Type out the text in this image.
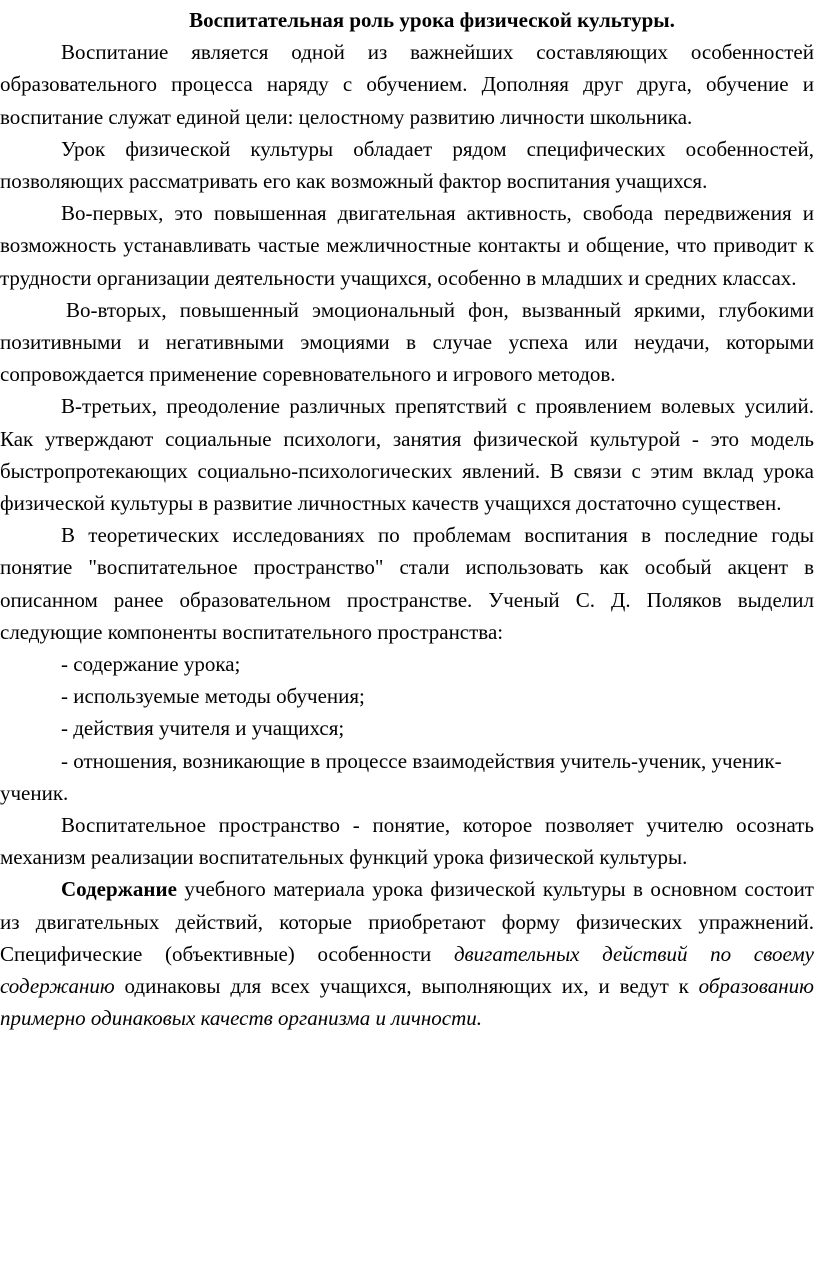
Воспитательная роль урока физической культуры.

Воспитание является одной из важнейших составляющих особенностей образовательного процесса наряду с обучением. Дополняя друг друга, обучение и воспитание служат единой цели: целостному развитию личности школьника.

Урок физической культуры обладает рядом специфических особенностей, позволяющих рассматривать его как возможный фактор воспитания учащихся.

Во-первых, это повышенная двигательная активность, свобода передвижения и возможность устанавливать частые межличностные контакты и общение, что приводит к трудности организации деятельности учащихся, особенно в младших и средних классах.

Во-вторых, повышенный эмоциональный фон, вызванный яркими, глубокими позитивными и негативными эмоциями в случае успеха или неудачи, которыми сопровождается применение соревновательного и игрового методов.

В-третьих, преодоление различных препятствий с проявлением волевых усилий. Как утверждают социальные психологи, занятия физической культурой - это модель быстропротекающих социально-психологических явлений. В связи с этим вклад урока физической культуры в развитие личностных качеств учащихся достаточно существен.

В теоретических исследованиях по проблемам воспитания в последние годы понятие "воспитательное пространство" стали использовать как особый акцент в описанном ранее образовательном пространстве. Ученый С. Д. Поляков выделил следующие компоненты воспитательного пространства:

- содержание урока;

- используемые методы обучения;

- действия учителя и учащихся;

- отношения, возникающие в процессе взаимодействия учитель-ученик, ученик-ученик.

Воспитательное пространство - понятие, которое позволяет учителю осознать механизм реализации воспитательных функций урока физической культуры.

Содержание учебного материала урока физической культуры в основном состоит из двигательных действий, которые приобретают форму физических упражнений. Специфические (объективные) особенности двигательных действий по своему содержанию одинаковы для всех учащихся, выполняющих их, и ведут к образованию примерно одинаковых качеств организма и личности.
